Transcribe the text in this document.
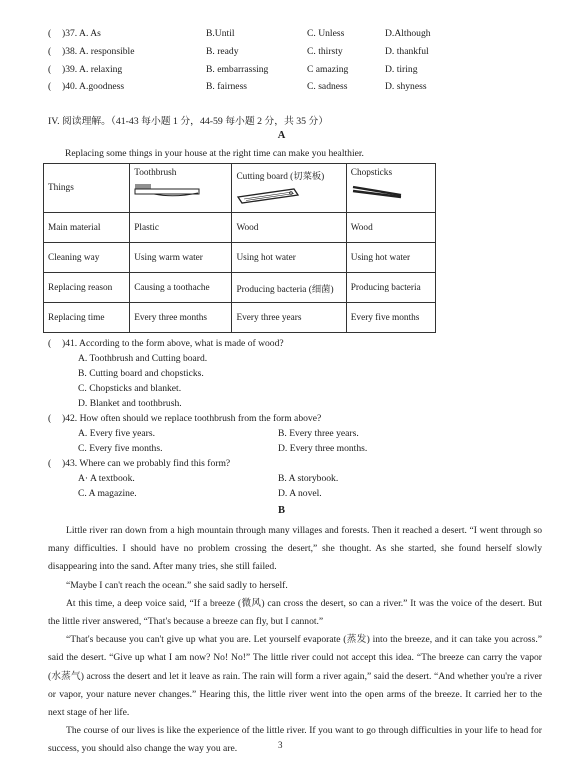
( )37. A. As	B.Until	C. Unless	D.Although
( )38. A. responsible	B. ready	C. thirsty	D. thankful
( )39. A. relaxing	B. embarrassing	C amazing	D. tiring
( )40. A.goodness	B. fairness	C. sadness	D. shyness
IV. 阅读理解。（41-43 每小题 1 分，44-59 每小题 2 分，共 35 分）
A
Replacing some things in your house at the right time can make you healthier.
Things	Toothbrush	Cutting board (切菜板)	Chopsticks

Main material	Plastic	Wood	Wood
Cleaning way	Using warm water	Using hot water	Using hot water
Replacing reason	Causing a toothache	Producing bacteria (细菌)	Producing bacteria
Replacing time	Every three months	Every three years	Every five months
( )41. According to the form above, what is made of wood?
A. Toothbrush and Cutting board.
B. Cutting board and chopsticks.
C. Chopsticks and blanket.
D. Blanket and toothbrush.
( )42. How often should we replace toothbrush from the form above?
A. Every five years.	B. Every three years.
C. Every five months.	D. Every three months.
( )43. Where can we probably find this form?
A· A textbook.	B. A storybook.
C. A magazine.	D. A novel.
B

Little river ran down from a high mountain through many villages and forests. Then it reached a desert. “I went through so many difficulties. I should have no problem crossing the desert,” she thought. As she started, she found herself slowly disappearing into the sand. After many tries, she still failed.

“Maybe I can't reach the ocean.” she said sadly to herself.

At this time, a deep voice said, “If a breeze (微风) can cross the desert, so can a river.” It was the voice of the desert. But the little river answered, “That's because a breeze can fly, but I cannot.”

“That's because you can't give up what you are. Let yourself evaporate (蒸发) into the breeze, and it can take you across.” said the desert. “Give up what I am now? No! No!” The little river could not accept this idea. “The breeze can carry the vapor (水蒸气) across the desert and let it leave as rain. The rain will form a river again,” said the desert. “And whether you're a river or vapor, your nature never changes.” Hearing this, the little river went into the open arms of the breeze. It carried her to the next stage of her life.

The course of our lives is like the experience of the little river. If you want to go through difficulties in your life to head for success, you should also change the way you are.	3
